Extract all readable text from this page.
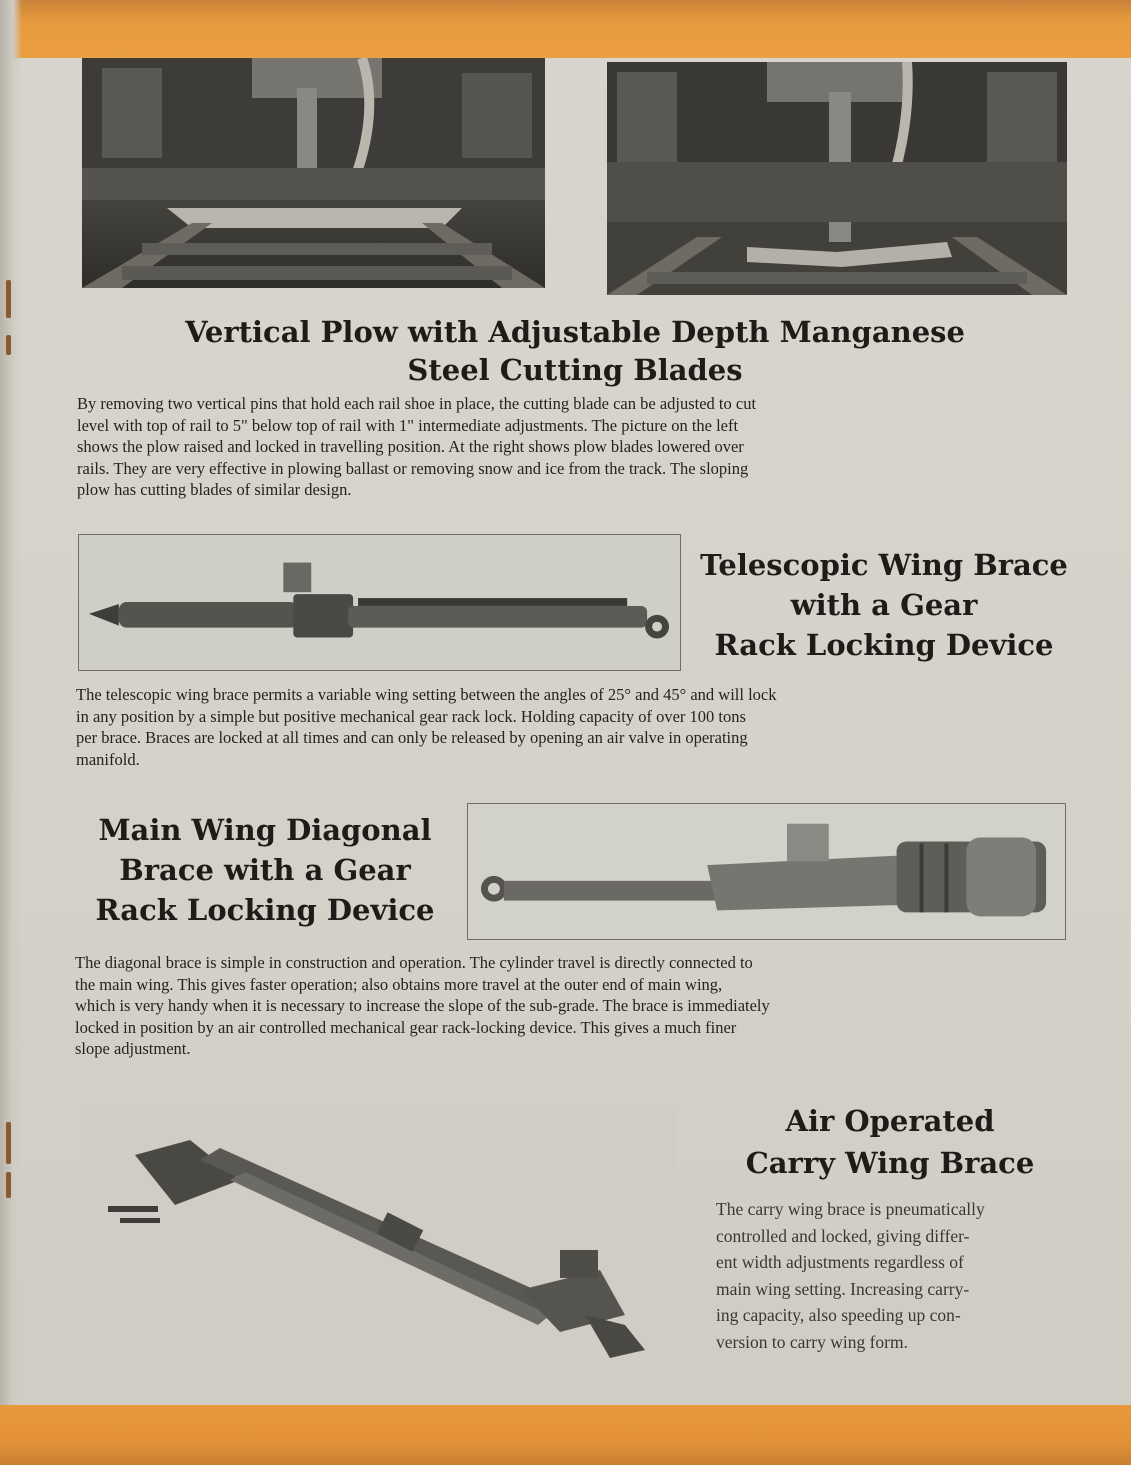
Vertical Plow with Adjustable Depth Manganese
Steel Cutting Blades
By removing two vertical pins that hold each rail shoe in place, the cutting blade can be adjusted to cut
level with top of rail to 5" below top of rail with 1" intermediate adjustments. The picture on the left
shows the plow raised and locked in travelling position. At the right shows plow blades lowered over
rails. They are very effective in plowing ballast or removing snow and ice from the track. The sloping
plow has cutting blades of similar design.
Telescopic Wing Brace
with a Gear
Rack Locking Device
The telescopic wing brace permits a variable wing setting between the angles of 25° and 45° and will lock
in any position by a simple but positive mechanical gear rack lock. Holding capacity of over 100 tons
per brace. Braces are locked at all times and can only be released by opening an air valve in operating
manifold.
Main Wing Diagonal
Brace with a Gear
Rack Locking Device
The diagonal brace is simple in construction and operation. The cylinder travel is directly connected to
the main wing. This gives faster operation; also obtains more travel at the outer end of main wing,
which is very handy when it is necessary to increase the slope of the sub-grade. The brace is immediately
locked in position by an air controlled mechanical gear rack-locking device. This gives a much finer
slope adjustment.
Air Operated
Carry Wing Brace
The carry wing brace is pneumatically
controlled and locked, giving differ-
ent width adjustments regardless of
main wing setting. Increasing carry-
ing capacity, also speeding up con-
version to carry wing form.
